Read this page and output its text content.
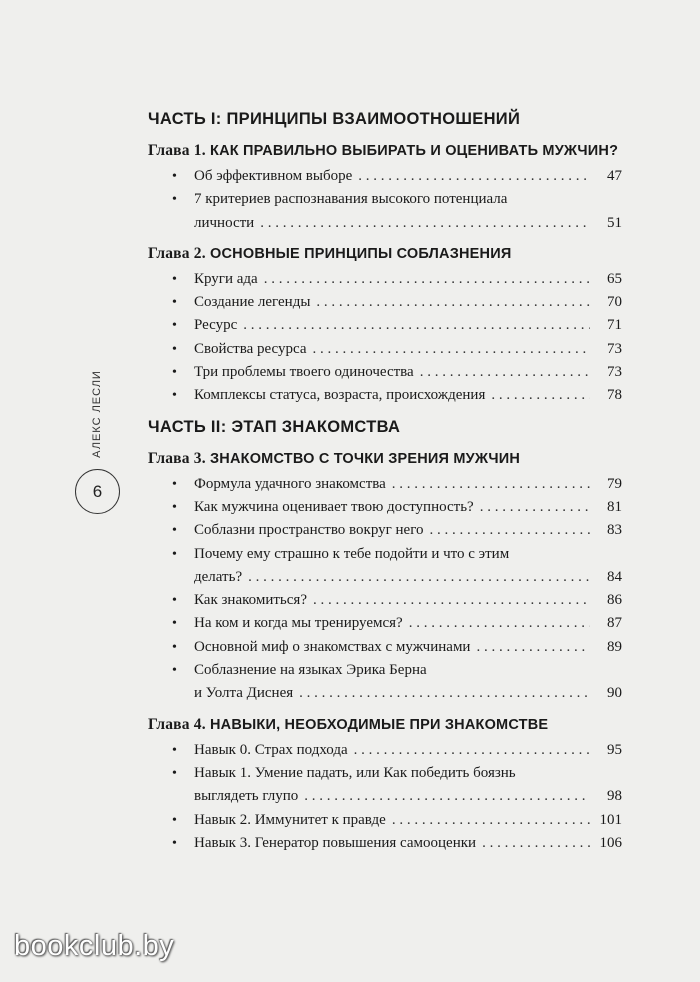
АЛЕКС ЛЕСЛИ
6
ЧАСТЬ I: ПРИНЦИПЫ ВЗАИМООТНОШЕНИЙ
Глава 1. КАК ПРАВИЛЬНО ВЫБИРАТЬ И ОЦЕНИВАТЬ МУЖЧИН?
• Об эффективном выборе . . .	47
• 7 критериев распознавания высокого потенциала
личности . . .	51
Глава 2. ОСНОВНЫЕ ПРИНЦИПЫ СОБЛАЗНЕНИЯ
• Круги ада . . .	65
• Создание легенды . . .	70
• Ресурс . . .	71
• Свойства ресурса . . .	73
• Три проблемы твоего одиночества . . .	73
• Комплексы статуса, возраста, происхождения . . .	78
ЧАСТЬ II: ЭТАП ЗНАКОМСТВА
Глава 3. ЗНАКОМСТВО С ТОЧКИ ЗРЕНИЯ МУЖЧИН
• Формула удачного знакомства . . .	79
• Как мужчина оценивает твою доступность? . . .	81
• Соблазни пространство вокруг него . . .	83
• Почему ему страшно к тебе подойти и что с этим
делать? . . .	84
• Как знакомиться? . . .	86
• На ком и когда мы тренируемся? . . .	87
• Основной миф о знакомствах с мужчинами . . .	89
• Соблазнение на языках Эрика Берна
и Уолта Диснея . . .	90
Глава 4. НАВЫКИ, НЕОБХОДИМЫЕ ПРИ ЗНАКОМСТВЕ
• Навык 0. Страх подхода . . .	95
• Навык 1. Умение падать, или Как победить боязнь
выглядеть глупо . . .	98
• Навык 2. Иммунитет к правде . . .	101
• Навык 3. Генератор повышения самооценки . . .	106
bookclub.by
